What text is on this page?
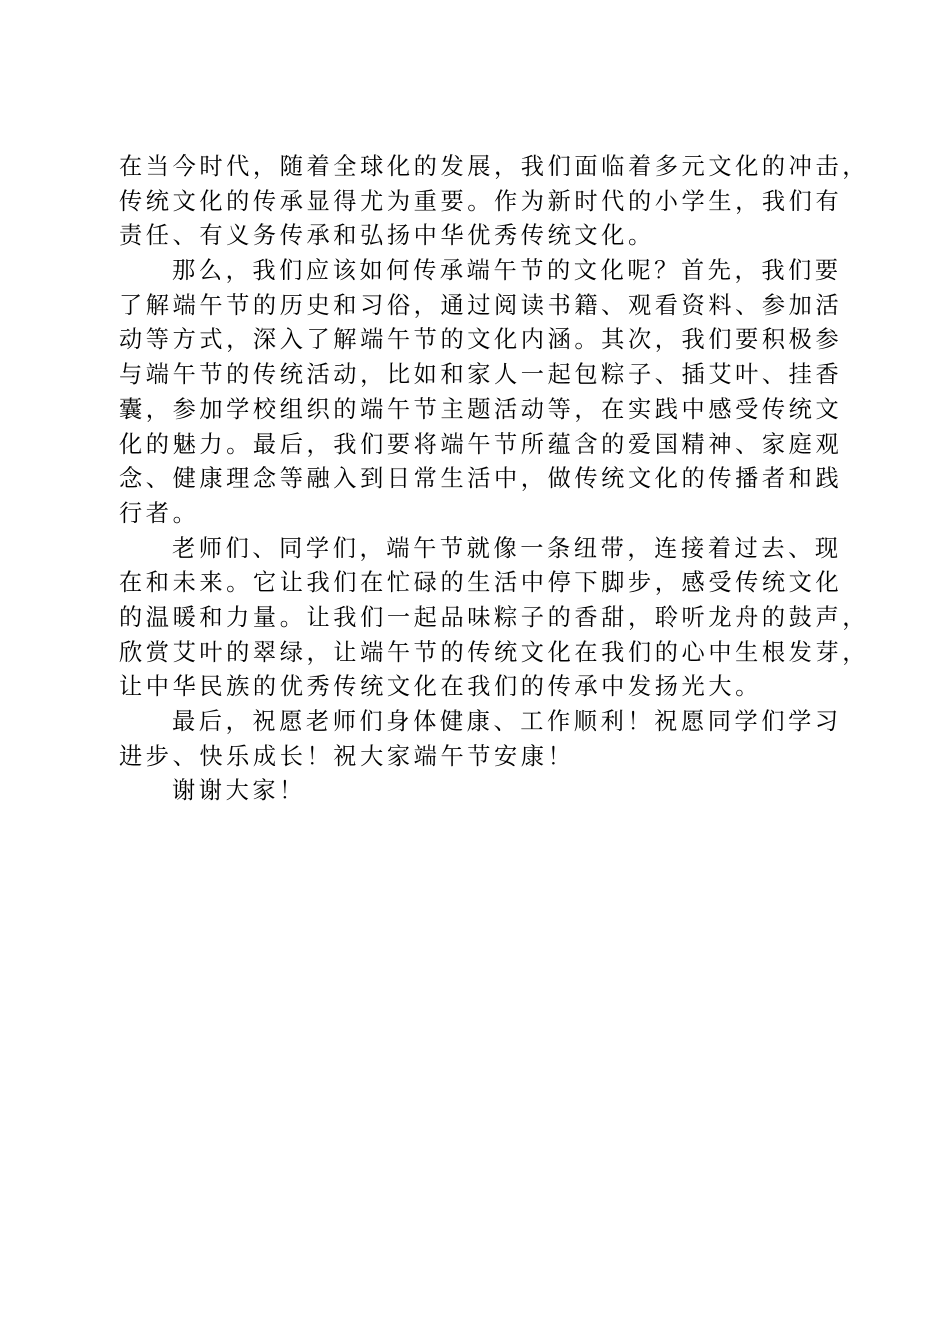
在当今时代，随着全球化的发展，我们面临着多元文化的冲击，
传统文化的传承显得尤为重要。作为新时代的小学生，我们有
责任、有义务传承和弘扬中华优秀传统文化。
那么，我们应该如何传承端午节的文化呢？首先，我们要
了解端午节的历史和习俗，通过阅读书籍、观看资料、参加活
动等方式，深入了解端午节的文化内涵。其次，我们要积极参
与端午节的传统活动，比如和家人一起包粽子、插艾叶、挂香
囊，参加学校组织的端午节主题活动等，在实践中感受传统文
化的魅力。最后，我们要将端午节所蕴含的爱国精神、家庭观
念、健康理念等融入到日常生活中，做传统文化的传播者和践
行者。
老师们、同学们，端午节就像一条纽带，连接着过去、现
在和未来。它让我们在忙碌的生活中停下脚步，感受传统文化
的温暖和力量。让我们一起品味粽子的香甜，聆听龙舟的鼓声，
欣赏艾叶的翠绿，让端午节的传统文化在我们的心中生根发芽，
让中华民族的优秀传统文化在我们的传承中发扬光大。
最后，祝愿老师们身体健康、工作顺利！祝愿同学们学习
进步、快乐成长！祝大家端午节安康！
谢谢大家！
